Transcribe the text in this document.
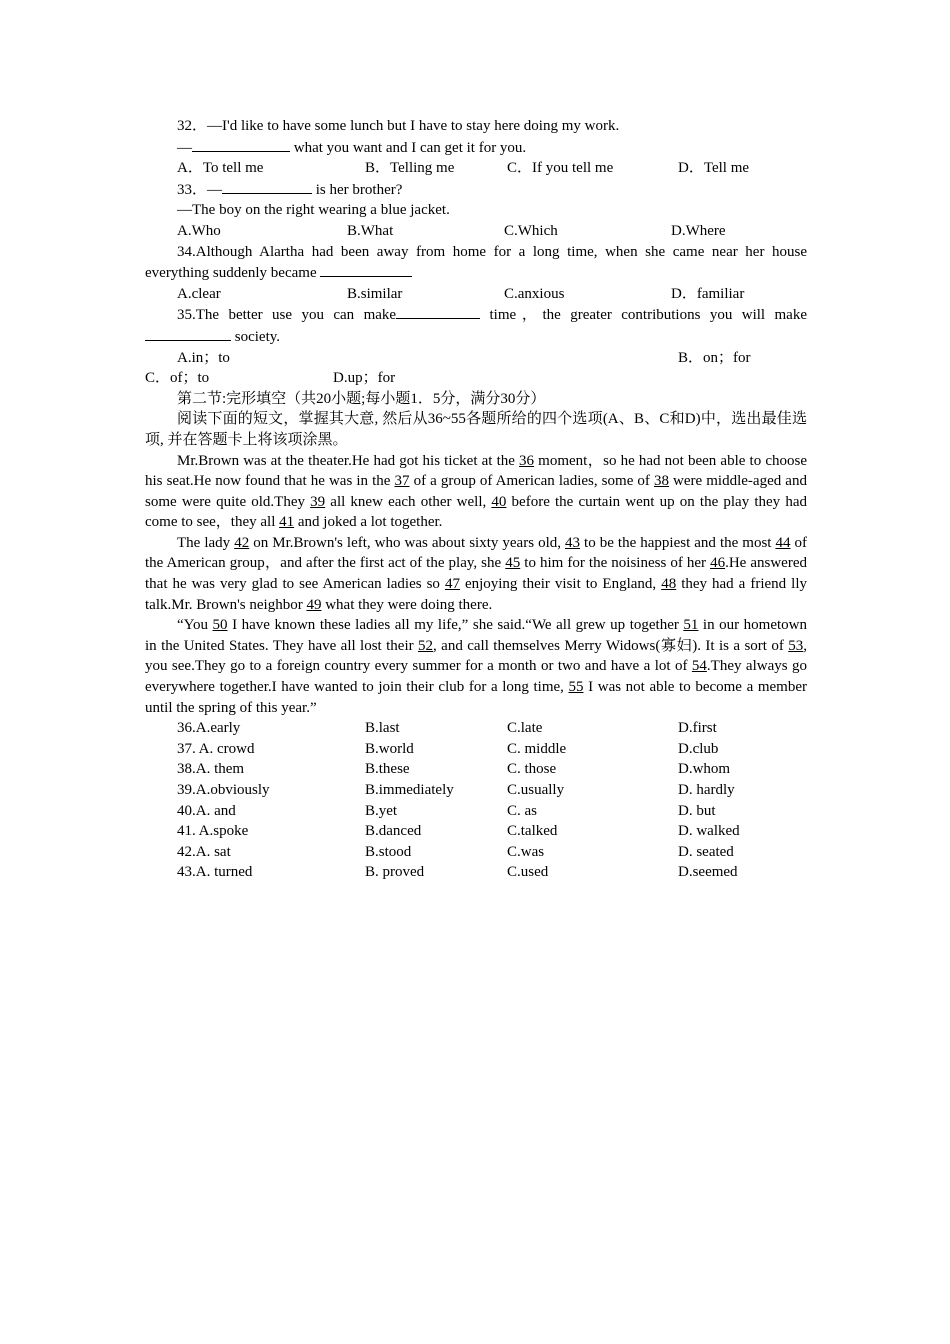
32．—I'd like to have some lunch but I have to stay here doing my work.

—	what you want and I can get it for you.

A．To tell me	B．Telling me	C．If you tell me	D．Tell me

33．—	is her brother?

—The boy on the right wearing a blue jacket.

A.Who	B.What	C.Which	D.Where

34.Although Alartha had been away from home for a long time, when she came near her house everything suddenly became

A.clear	B.similar	C.anxious	D．familiar

35.The better use you can make	time，the greater contributions you will make society.

A.in；to	B．on；for
C．of；to	D.up；for

第二节:完形填空（共20小题;每小题1．5分，满分30分）

阅读下面的短文，掌握其大意, 然后从36~55各题所给的四个选项(A、B、C和D)中，选出最佳选项, 并在答题卡上将该项涂黑。

Mr.Brown was at the theater.He had got his ticket at the 36 moment，so he had not been able to choose his seat.He now found that he was in the 37 of a group of American ladies, some of 38 were middle-aged and some were quite old.They 39 all knew each other well, 40 before the curtain went up on the play they had come to see，they all 41 and joked a lot together.

The lady 42 on Mr.Brown's left, who was about sixty years old, 43 to be the happiest and the most 44 of the American group，and after the first act of the play, she 45 to him for the noisiness of her 46.He answered that he was very glad to see American ladies so 47 enjoying their visit to England, 48 they had a friend lly talk.Mr. Brown's neighbor 49 what they were doing there.

“You 50 I have known these ladies all my life,” she said.“We all grew up together 51 in our hometown in the United States. They have all lost their 52, and call themselves Merry Widows(寡妇). It is a sort of 53, you see.They go to a foreign country every summer for a month or two and have a lot of 54.They always go everywhere together.I have wanted to join their club for a long time, 55 I was not able to become a member until the spring of this year.”

36.A.early	B.last	C.late	D.first
37. A. crowd	B.world	C. middle	D.club
38.A. them	B.these	C. those	D.whom
39.A.obviously	B.immediately	C.usually	D. hardly
40.A. and	B.yet	C. as	D. but
41. A.spoke	B.danced	C.talked	D. walked
42.A. sat	B.stood	C.was	D. seated
43.A. turned	B. proved	C.used	D.seemed
